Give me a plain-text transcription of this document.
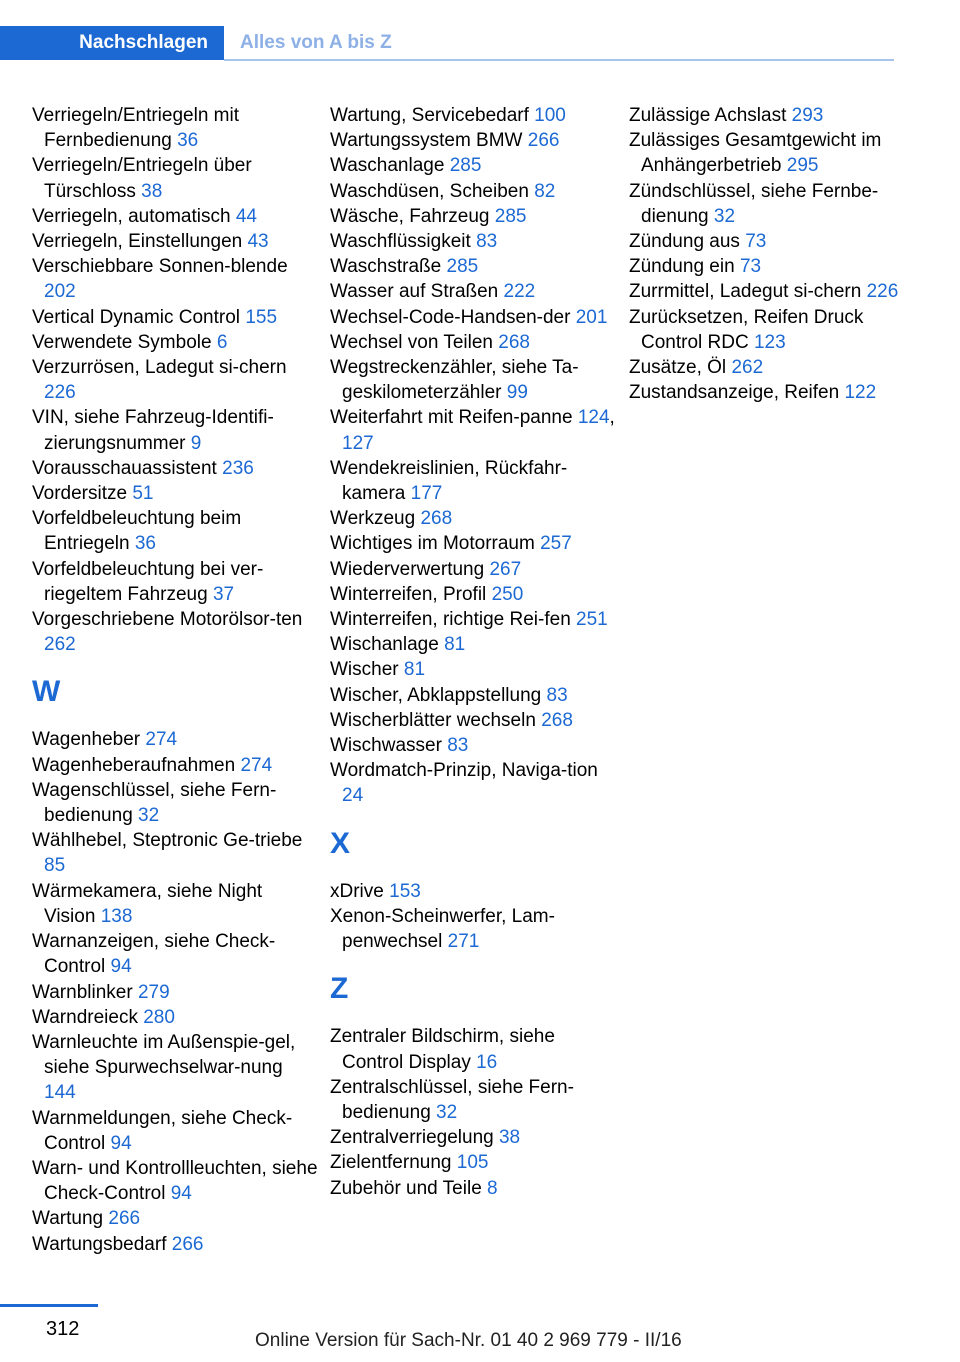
Nachschlagen	Alles von A bis Z
Verriegeln/Entriegeln mit Fernbedienung 36
Verriegeln/Entriegeln über Türschloss 38
Verriegeln, automatisch 44
Verriegeln, Einstellungen 43
Verschiebbare Sonnen-blende 202
Vertical Dynamic Control 155
Verwendete Symbole 6
Verzurrösen, Ladegut si-chern 226
VIN, siehe Fahrzeug-Identifi-zierungsnummer 9
Vorausschauassistent 236
Vordersitze 51
Vorfeldbeleuchtung beim Entriegeln 36
Vorfeldbeleuchtung bei ver-riegeltem Fahrzeug 37
Vorgeschriebene Motorölsor-ten 262
W
Wagenheber 274
Wagenheberaufnahmen 274
Wagenschlüssel, siehe Fern-bedienung 32
Wählhebel, Steptronic Ge-triebe 85
Wärmekamera, siehe Night Vision 138
Warnanzeigen, siehe Check-Control 94
Warnblinker 279
Warndreieck 280
Warnleuchte im Außenspie-gel, siehe Spurwechselwar-nung 144
Warnmeldungen, siehe Check-Control 94
Warn- und Kontrollleuchten, siehe Check-Control 94
Wartung 266
Wartungsbedarf 266
Wartung, Servicebedarf 100
Wartungssystem BMW 266
Waschanlage 285
Waschdüsen, Scheiben 82
Wäsche, Fahrzeug 285
Waschflüssigkeit 83
Waschstraße 285
Wasser auf Straßen 222
Wechsel-Code-Handsen-der 201
Wechsel von Teilen 268
Wegstreckenzähler, siehe Ta-geskilometerzähler 99
Weiterfahrt mit Reifen-panne 124, 127
Wendekreislinien, Rückfahr-kamera 177
Werkzeug 268
Wichtiges im Motorraum 257
Wiederverwertung 267
Winterreifen, Profil 250
Winterreifen, richtige Rei-fen 251
Wischanlage 81
Wischer 81
Wischer, Abklappstellung 83
Wischerblätter wechseln 268
Wischwasser 83
Wordmatch-Prinzip, Naviga-tion 24
X
xDrive 153
Xenon-Scheinwerfer, Lam-penwechsel 271
Z
Zentraler Bildschirm, siehe Control Display 16
Zentralschlüssel, siehe Fern-bedienung 32
Zentralverriegelung 38
Zielentfernung 105
Zubehör und Teile 8
Zulässige Achslast 293
Zulässiges Gesamtgewicht im Anhängerbetrieb 295
Zündschlüssel, siehe Fernbe-dienung 32
Zündung aus 73
Zündung ein 73
Zurrmittel, Ladegut si-chern 226
Zurücksetzen, Reifen Druck Control RDC 123
Zusätze, Öl 262
Zustandsanzeige, Reifen 122
312
Online Version für Sach-Nr. 01 40 2 969 779 - II/16
